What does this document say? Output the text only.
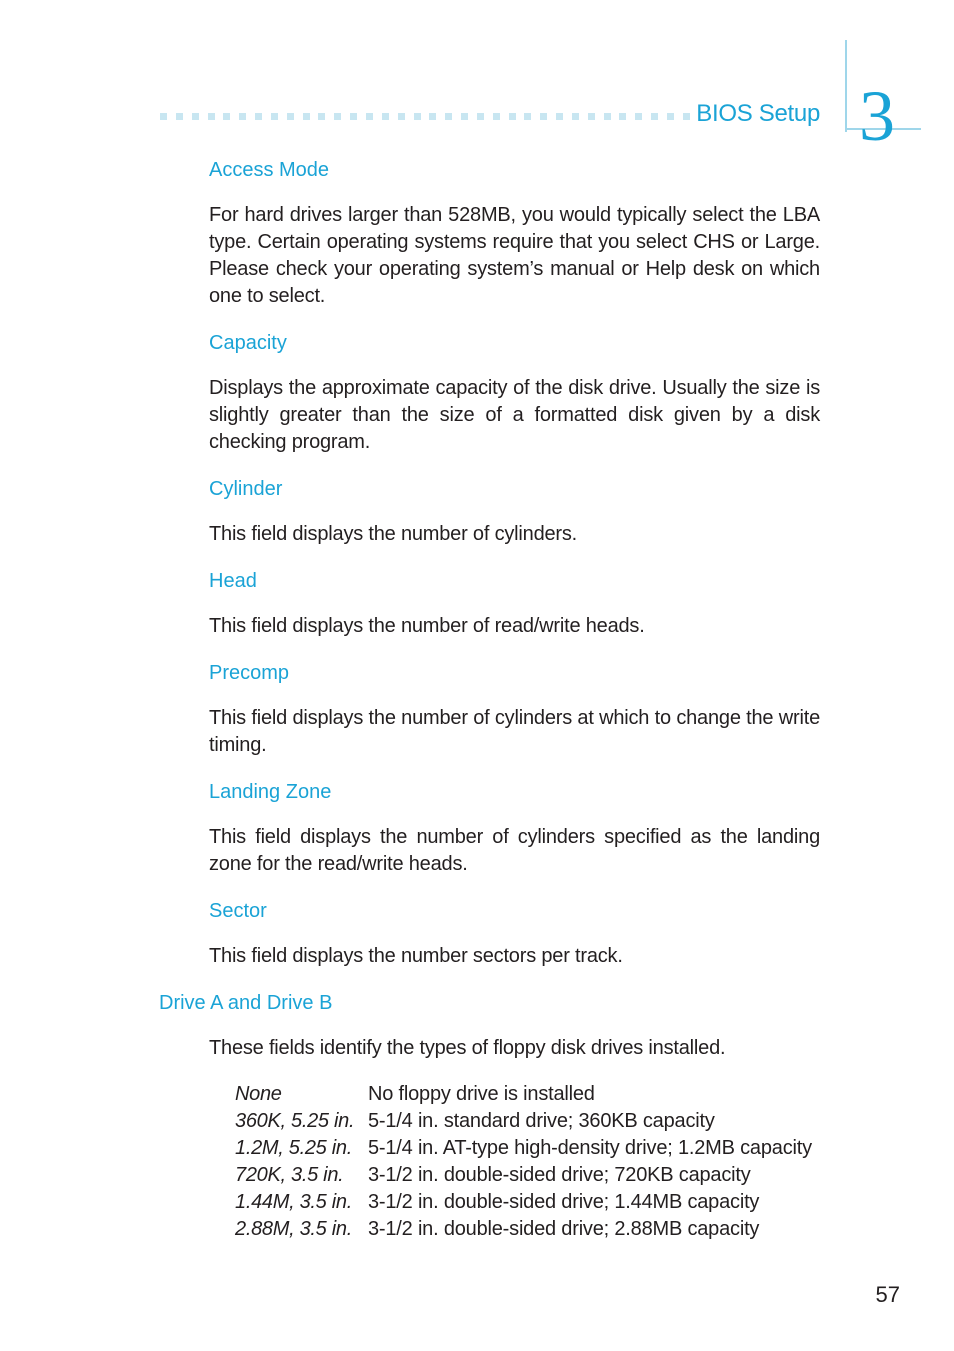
BIOS Setup 3
Access Mode
For hard drives larger than 528MB, you would typically select the LBA type. Certain operating systems require that you select CHS or Large. Please check your operating system’s manual or Help desk on which one to select.
Capacity
Displays the approximate capacity of the disk drive. Usually the size is slightly greater than the size of a formatted disk given by a disk checking program.
Cylinder
This field displays the number of cylinders.
Head
This field displays the number of read/write heads.
Precomp
This field displays the number of cylinders at which to change the write timing.
Landing Zone
This field displays the number of cylinders specified as the landing zone for the read/write heads.
Sector
This field displays the number sectors per track.
Drive A and Drive B
These fields identify the types of floppy disk drives installed.
None	No floppy drive is installed
360K, 5.25 in. 5-1/4 in. standard drive; 360KB capacity
1.2M, 5.25 in. 5-1/4 in. AT-type high-density drive; 1.2MB capacity
720K, 3.5 in.	3-1/2 in. double-sided drive; 720KB capacity
1.44M, 3.5 in. 3-1/2 in. double-sided drive; 1.44MB capacity
2.88M, 3.5 in. 3-1/2 in. double-sided drive; 2.88MB capacity
57
